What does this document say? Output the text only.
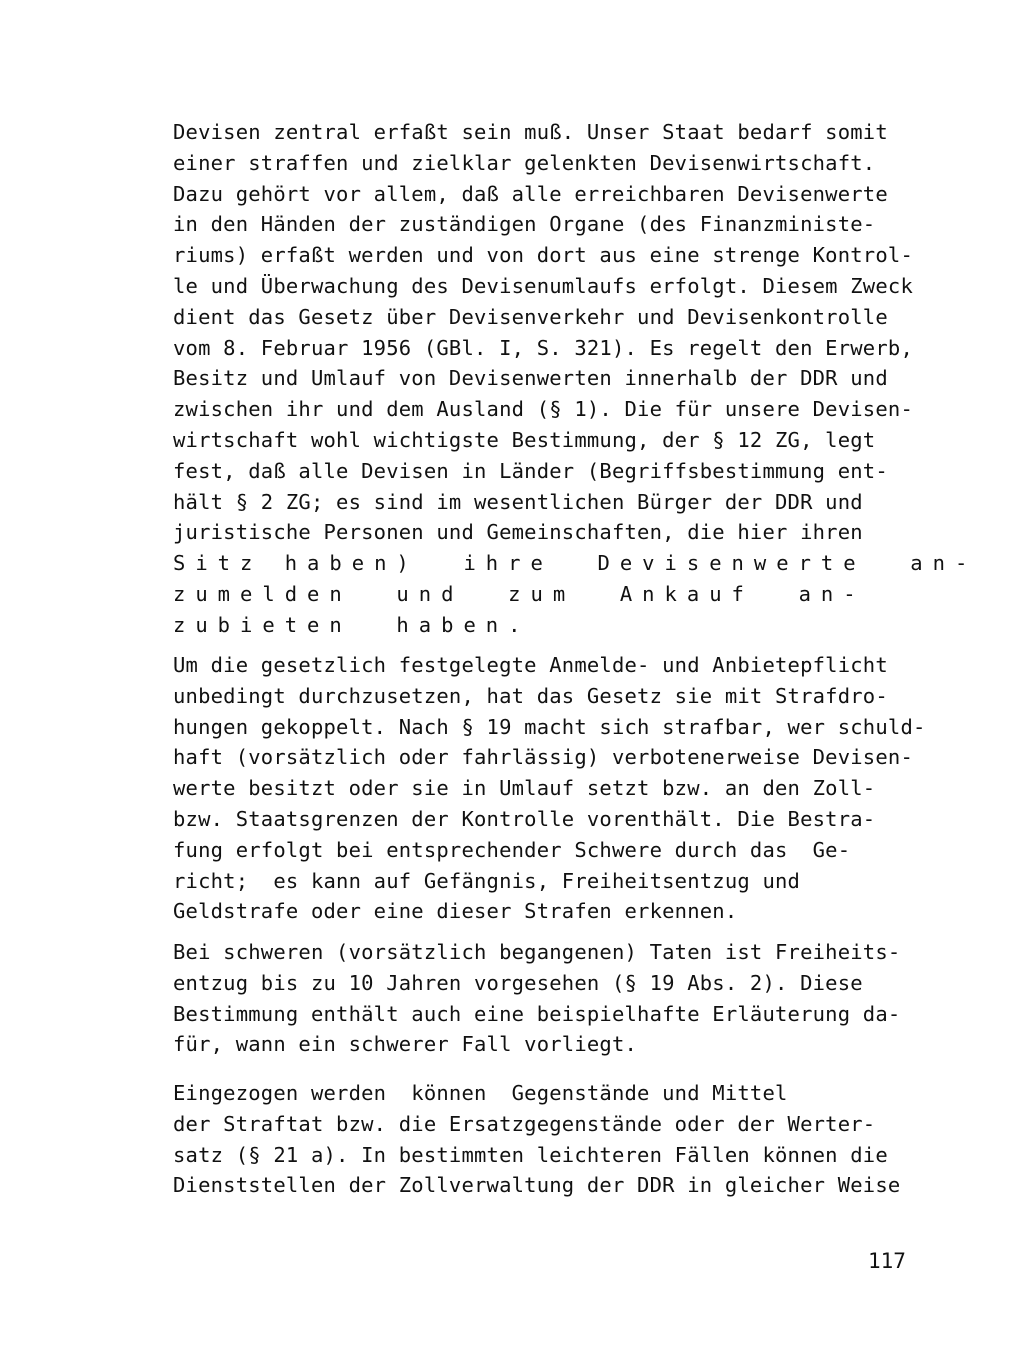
Devisen zentral erfaßt sein muß. Unser Staat bedarf somit
einer straffen und zielklar gelenkten Devisenwirtschaft.
Dazu gehört vor allem, daß alle erreichbaren Devisenwerte
in den Händen der zuständigen Organe (des Finanzministe-
riums) erfaßt werden und von dort aus eine strenge Kontrol-
le und Überwachung des Devisenumlaufs erfolgt. Diesem Zweck
dient das Gesetz über Devisenverkehr und Devisenkontrolle
vom 8. Februar 1956 (GBl. I, S. 321). Es regelt den Erwerb,
Besitz und Umlauf von Devisenwerten innerhalb der DDR und
zwischen ihr und dem Ausland (§ 1). Die für unsere Devisen-
wirtschaft wohl wichtigste Bestimmung, der § 12 ZG, legt
fest, daß alle Devisen in Länder (Begriffsbestimmung ent-
hält § 2 ZG; es sind im wesentlichen Bürger der DDR und
juristische Personen und Gemeinschaften, die hier ihren
Sitz haben)  ihre  Devisenwerte  an-
zumelden  und  zum  Ankauf  an-
zubieten  haben.
Um die gesetzlich festgelegte Anmelde- und Anbietepflicht
unbedingt durchzusetzen, hat das Gesetz sie mit Strafdro-
hungen gekoppelt. Nach § 19 macht sich strafbar, wer schuld-
haft (vorsätzlich oder fahrlässig) verbotenerweise Devisen-
werte besitzt oder sie in Umlauf setzt bzw. an den Zoll-
bzw. Staatsgrenzen der Kontrolle vorenthält. Die Bestra-
fung erfolgt bei entsprechender Schwere durch das  Ge-
richt;  es kann auf Gefängnis, Freiheitsentzug und
Geldstrafe oder eine dieser Strafen erkennen.
Bei schweren (vorsätzlich begangenen) Taten ist Freiheits-
entzug bis zu 10 Jahren vorgesehen (§ 19 Abs. 2). Diese
Bestimmung enthält auch eine beispielhafte Erläuterung da-
für, wann ein schwerer Fall vorliegt.
Eingezogen werden  können  Gegenstände und Mittel
der Straftat bzw. die Ersatzgegenstände oder der Werter-
satz (§ 21 a). In bestimmten leichteren Fällen können die
Dienststellen der Zollverwaltung der DDR in gleicher Weise
117
